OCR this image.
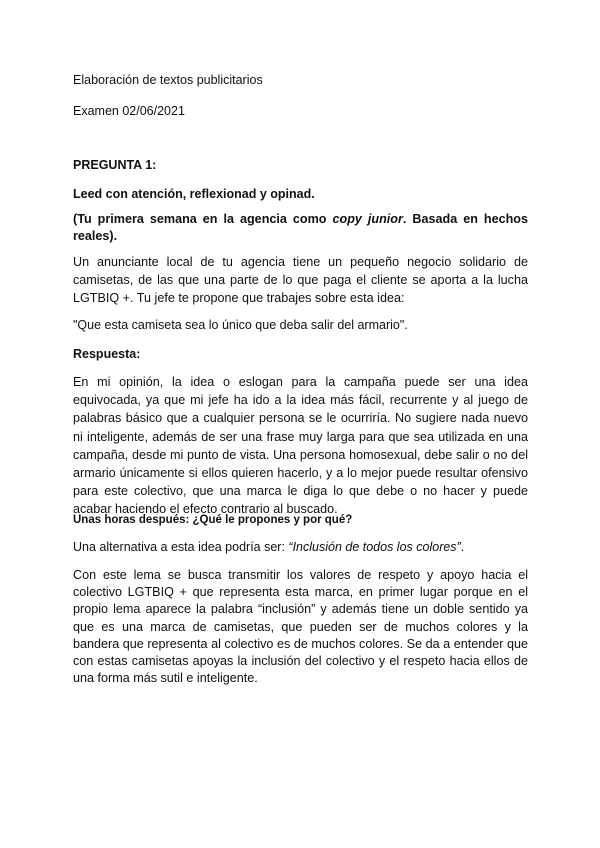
Elaboración de textos publicitarios

Examen 02/06/2021

PREGUNTA 1:

Leed con atención, reflexionad y opinad.

(Tu primera semana en la agencia como copy junior. Basada en hechos reales).

Un anunciante local de tu agencia tiene un pequeño negocio solidario de camisetas, de las que una parte de lo que paga el cliente se aporta a la lucha LGTBIQ +. Tu jefe te propone que trabajes sobre esta idea:

"Que esta camiseta sea lo único que deba salir del armario".

Respuesta:

En mi opinión, la idea o eslogan para la campaña puede ser una idea equivocada, ya que mi jefe ha ido a la idea más fácil, recurrente y al juego de palabras básico que a cualquier persona se le ocurriría. No sugiere nada nuevo ni inteligente, además de ser una frase muy larga para que sea utilizada en una campaña, desde mi punto de vista. Una persona homosexual, debe salir o no del armario únicamente si ellos quieren hacerlo, y a lo mejor puede resultar ofensivo para este colectivo, que una marca le diga lo que debe o no hacer y puede acabar haciendo el efecto contrario al buscado.

Unas horas después: ¿Qué le propones y por qué?

Una alternativa a esta idea podría ser: “Inclusión de todos los colores”.

Con este lema se busca transmitir los valores de respeto y apoyo hacia el colectivo LGTBIQ + que representa esta marca, en primer lugar porque en el propio lema aparece la palabra “inclusión” y además tiene un doble sentido ya que es una marca de camisetas, que pueden ser de muchos colores y la bandera que representa al colectivo es de muchos colores. Se da a entender que con estas camisetas apoyas la inclusión del colectivo y el respeto hacia ellos de una forma más sutil e inteligente.
